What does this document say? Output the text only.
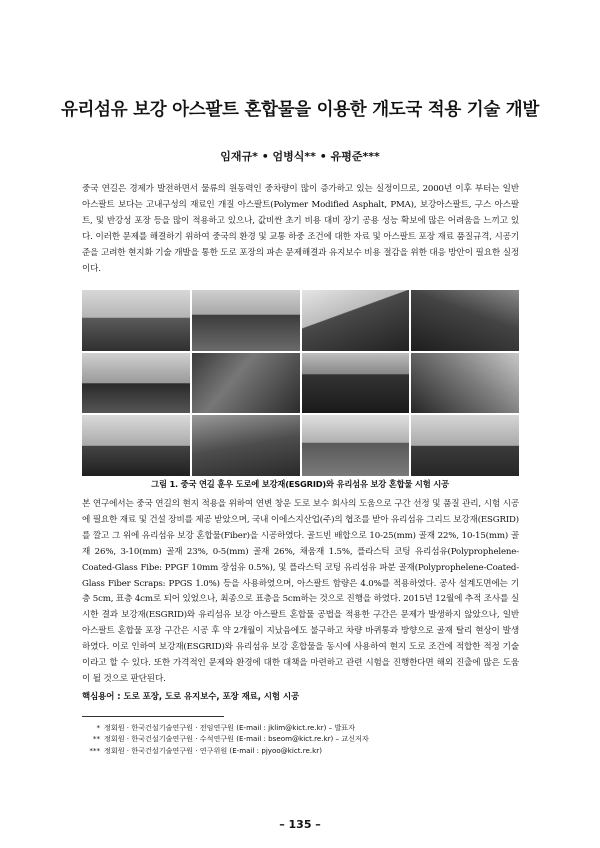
유리섬유 보강 아스팔트 혼합물을 이용한 개도국 적용 기술 개발
임재규* • 엄병식** • 유평준***

중국 연길은 경제가 발전하면서 물류의 원동력인 중차량이 많이 증가하고 있는 실정이므로, 2000년 이후 부터는 일반 아스팔트 보다는 고내구성의 재료인 개질 아스팔트(Polymer Modified Asphalt, PMA), 보강아스팔트, 구스 아스팔트, 및 반강성 포장 등을 많이 적용하고 있으나, 값비싼 초기 비용 대비 장기 공용 성능 확보에 많은 어려움을 느끼고 있다. 이러한 문제를 해결하기 위하여 중국의 환경 및 교통 하중 조건에 대한 자료 및 아스팔트 포장 재료 품질규격, 시공기준을 고려한 현지화 기술 개발을 통한 도로 포장의 파손 문제해결과 유지보수 비용 절감을 위한 대응 방안이 필요한 실정이다.

그림 1. 중국 연길 훈우 도로에 보강재(ESGRID)와 유리섬유 보강 혼합물 시험 시공

본 연구에서는 중국 연길의 현지 적용을 위하여 연변 창운 도로 보수 회사의 도움으로 구간 선정 및 품질 관리, 시험 시공에 필요한 재료 및 건설 장비를 제공 받았으며, 국내 이에스지산업(주)의 협조를 받아 유리섬유 그리드 보강재(ESGRID)를 깔고 그 위에 유리섬유 보강 혼합물(Fiber)을 시공하였다. 골드빈 배합으로 10-25(mm) 골재 22%, 10-15(mm) 골재 26%, 3-10(mm) 골재 23%, 0-5(mm) 골재 26%, 채움재 1.5%, 플라스틱 코팅 유리섬유(Polyprophelene-Coated-Glass Fibe: PPGF 10mm 장섬유 0.5%), 및 플라스틱 코팅 유리섬유 파분 골재(Polyprophelene-Coated-Glass Fiber Scraps: PPGS 1.0%) 등을 사용하였으며, 아스팔트 함량은 4.0%를 적용하였다. 공사 설계도면에는 기층 5cm, 표층 4cm로 되어 있었으나, 최종으로 표층을 5cm하는 것으로 진행을 하였다. 2015년 12월에 추적 조사를 실시한 결과 보강재(ESGRID)와 유리섬유 보강 아스팔트 혼합물 공법을 적용한 구간은 문제가 발생하지 않았으나, 일반 아스팔트 혼합물 포장 구간은 시공 후 약 2개월이 지났음에도 불구하고 차량 바퀴통과 방향으로 골재 탈리 현상이 발생하였다. 이로 인하여 보강재(ESGRID)와 유리섬유 보강 혼합물을 동시에 사용하여 현지 도로 조건에 적합한 적정 기술이라고 할 수 있다. 또한 가격적인 문제와 환경에 대한 대책을 마련하고 관련 시험을 진행한다면 해외 진출에 많은 도움이 될 것으로 판단된다.

핵심용어 : 도로 포장, 도로 유지보수, 포장 재료, 시험 시공
* 정회원 · 한국건설기술연구원 · 전임연구원 (E-mail : jklim@kict.re.kr) – 발표자
** 정회원 · 한국건설기술연구원 · 수석연구원 (E-mail : bseom@kict.re.kr) – 교신저자
*** 정회원 · 한국건설기술연구원 · 연구위원 (E-mail : pjyoo@kict.re.kr)
– 135 –
